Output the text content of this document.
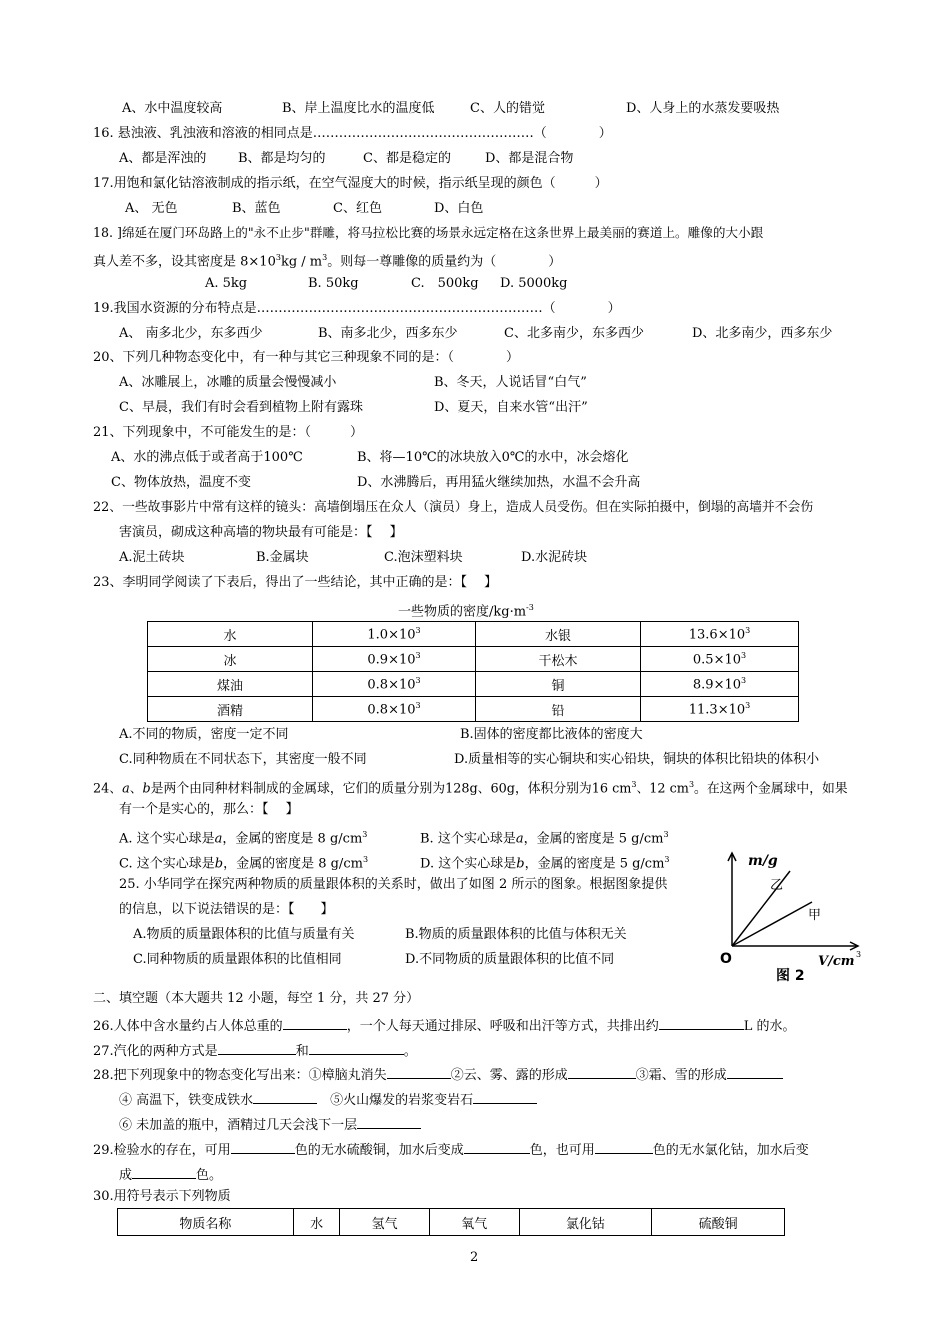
A、水中温度较高	B、岸上温度比水的温度低	C、人的错觉	D、人身上的水蒸发要吸热
16. 悬浊液、乳浊液和溶液的相同点是……………………………………………（　　　　）
A、都是浑浊的 B、都是均匀的	C、都是稳定的	D、都是混合物
17.用饱和氯化钴溶液制成的指示纸，在空气湿度大的时候，指示纸呈现的颜色（　　　）
A、 无色	B、蓝色	C、红色	D、白色
18. ]绵延在厦门环岛路上的"永不止步"群雕，将马拉松比赛的场景永远定格在这条世界上最美丽的赛道上。雕像的大小跟
真人差不多，设其密度是 $8\times 10^3kg / m^3$。则每一尊雕像的质量约为（　　　　）
A. 5kg	B. 50kg	C.　500kg D. 5000kg
19.我国水资源的分布特点是…………………………………………………………（　　　　）
A、 南多北少，东多西少	B、南多北少，西多东少	C、北多南少，东多西少	D、北多南少，西多东少
20、下列几种物态变化中，有一种与其它三种现象不同的是：（　　　　）
A、冰雕展上，冰雕的质量会慢慢减小	B、冬天，人说话冒“白气”
C、早晨，我们有时会看到植物上附有露珠	D、夏天，自来水管“出汗”
21、下列现象中，不可能发生的是：（　　　）
A、水的沸点低于或者高于100℃	B、将—10℃的冰块放入0℃的水中，冰会熔化
C、物体放热，温度不变	D、水沸腾后，再用猛火继续加热，水温不会升高
22、一些故事影片中常有这样的镜头：高墙倒塌压在众人（演员）身上，造成人员受伤。但在实际拍摄中，倒塌的高墙并不会伤
害演员，砌成这种高墙的物块最有可能是：【　 】
A.泥土砖块	B.金属块	C.泡沫塑料块	D.水泥砖块
23、李明同学阅读了下表后，得出了一些结论，其中正确的是：【　 】
一些物质的密度$/kg\cdot m^{-3}$
水	$1.0\times 10^3$	水银	$13.6\times 10^3$
冰	$0.9\times 10^3$	干松木	$0.5\times 10^3$
煤油	$0.8\times 10^3$	铜	$8.9\times 10^3$
酒精	$0.8\times 10^3$	铅	$11.3\times 10^3$
A.不同的物质，密度一定不同	B.固体的密度都比液体的密度大
C.同种物质在不同状态下，其密度一般不同	D.质量相等的实心铜块和实心铅块，铜块的体积比铅块的体积小
24、a、b是两个由同种材料制成的金属球，它们的质量分别为128g、60g，体积分别为16 $cm^3$、12 $cm^3$。在这两个金属球中，如果
有一个是实心的，那么：【　 】
A. 这个实心球是a，金属的密度是 8 $g/cm^3$	B. 这个实心球是a，金属的密度是 5 $g/cm^3$
C. 这个实心球是b，金属的密度是 8 $g/cm^3$	D. 这个实心球是b，金属的密度是 5 $g/cm^3$
25. 小华同学在探究两种物质的质量跟体积的关系时，做出了如图 2 所示的图象。根据图象提供
的信息，以下说法错误的是：【　　】
A.物质的质量跟体积的比值与质量有关	B.物质的质量跟体积的比值与体积无关
C.同种物质的质量跟体积的比值相同	D.不同物质的质量跟体积的比值不同
m/g
乙
甲
O	V/cm 3
图 2
二、填空题（本大题共 12 小题，每空 1 分，共 27 分）
26.人体中含水量约占人体总重的	，一个人每天通过排尿、呼吸和出汗等方式，共排出约	L 的水。
27.汽化的两种方式是	和	。
28.把下列现象中的物态变化写出来：①樟脑丸消失	②云、雾、露的形成	③霜、雪的形成
④ 高温下，铁变成铁水　	⑤火山爆发的岩浆变岩石
⑥ 未加盖的瓶中，酒精过几天会浅下一层
29.检验水的存在，可用	色的无水硫酸铜，加水后变成	色，也可用	色的无水氯化钴，加水后变
成	色。
30.用符号表示下列物质
物质名称	水	氢气	氧气	氯化钴	硫酸铜
2
